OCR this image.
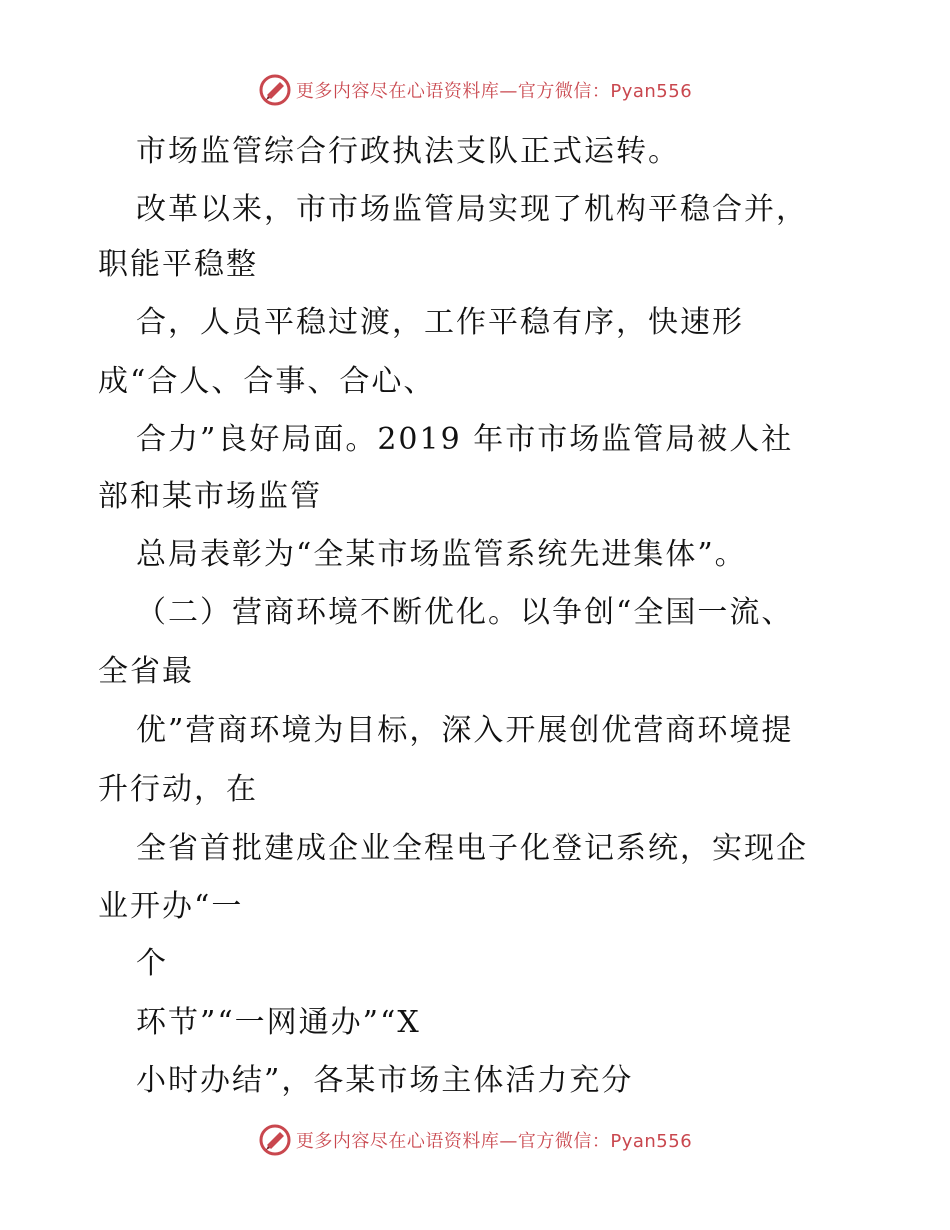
更多内容尽在心语资料库—官方微信：Pyan556
市场监管综合行政执法支队正式运转。
改革以来，市市场监管局实现了机构平稳合并，
职能平稳整
合，人员平稳过渡，工作平稳有序，快速形
成“合人、合事、合心、
合力”良好局面。2019 年市市场监管局被人社
部和某市场监管
总局表彰为“全某市场监管系统先进集体”。
（二）营商环境不断优化。以争创“全国一流、
全省最
优”营商环境为目标，深入开展创优营商环境提
升行动，在
全省首批建成企业全程电子化登记系统，实现企
业开办“一
个
环节”“一网通办”“X
小时办结”，各某市场主体活力充分
更多内容尽在心语资料库—官方微信：Pyan556
